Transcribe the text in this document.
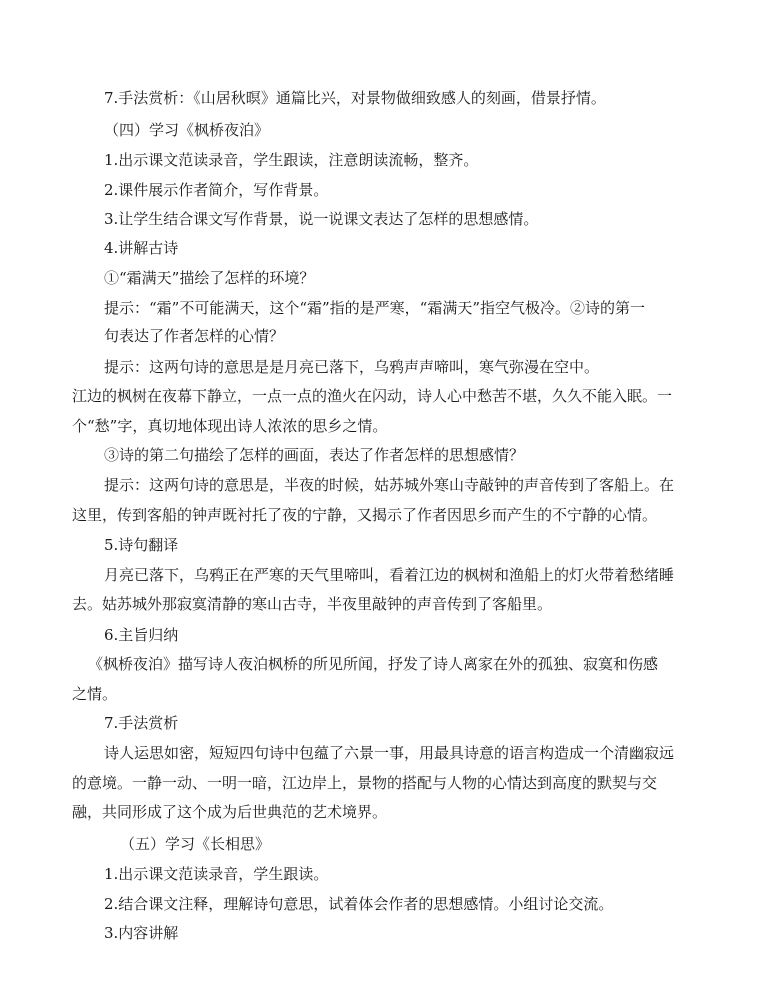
7.手法赏析：《山居秋暝》通篇比兴，对景物做细致感人的刻画，借景抒情。
（四）学习《枫桥夜泊》
1.出示课文范读录音，学生跟读，注意朗读流畅，整齐。
2.课件展示作者简介，写作背景。
3.让学生结合课文写作背景，说一说课文表达了怎样的思想感情。
4.讲解古诗
①“霜满天”描绘了怎样的环境？
提示：“霜”不可能满天，这个“霜”指的是严寒，“霜满天”指空气极冷。②诗的第一
句表达了作者怎样的心情？
提示：这两句诗的意思是是月亮已落下，乌鸦声声啼叫，寒气弥漫在空中。
江边的枫树在夜幕下静立，一点一点的渔火在闪动，诗人心中愁苦不堪，久久不能入眠。一
个“愁”字，真切地体现出诗人浓浓的思乡之情。
③诗的第二句描绘了怎样的画面，表达了作者怎样的思想感情？
提示：这两句诗的意思是，半夜的时候，姑苏城外寒山寺敲钟的声音传到了客船上。在
这里，传到客船的钟声既衬托了夜的宁静，又揭示了作者因思乡而产生的不宁静的心情。
5.诗句翻译
月亮已落下，乌鸦正在严寒的天气里啼叫，看着江边的枫树和渔船上的灯火带着愁绪睡
去。姑苏城外那寂寞清静的寒山古寺，半夜里敲钟的声音传到了客船里。
6.主旨归纳
《枫桥夜泊》描写诗人夜泊枫桥的所见所闻，抒发了诗人离家在外的孤独、寂寞和伤感
之情。
7.手法赏析
诗人运思如密，短短四句诗中包蕴了六景一事，用最具诗意的语言构造成一个清幽寂远
的意境。一静一动、一明一暗，江边岸上，景物的搭配与人物的心情达到高度的默契与交
融，共同形成了这个成为后世典范的艺术境界。
（五）学习《长相思》
1.出示课文范读录音，学生跟读。
2.结合课文注释，理解诗句意思，试着体会作者的思想感情。小组讨论交流。
3.内容讲解
